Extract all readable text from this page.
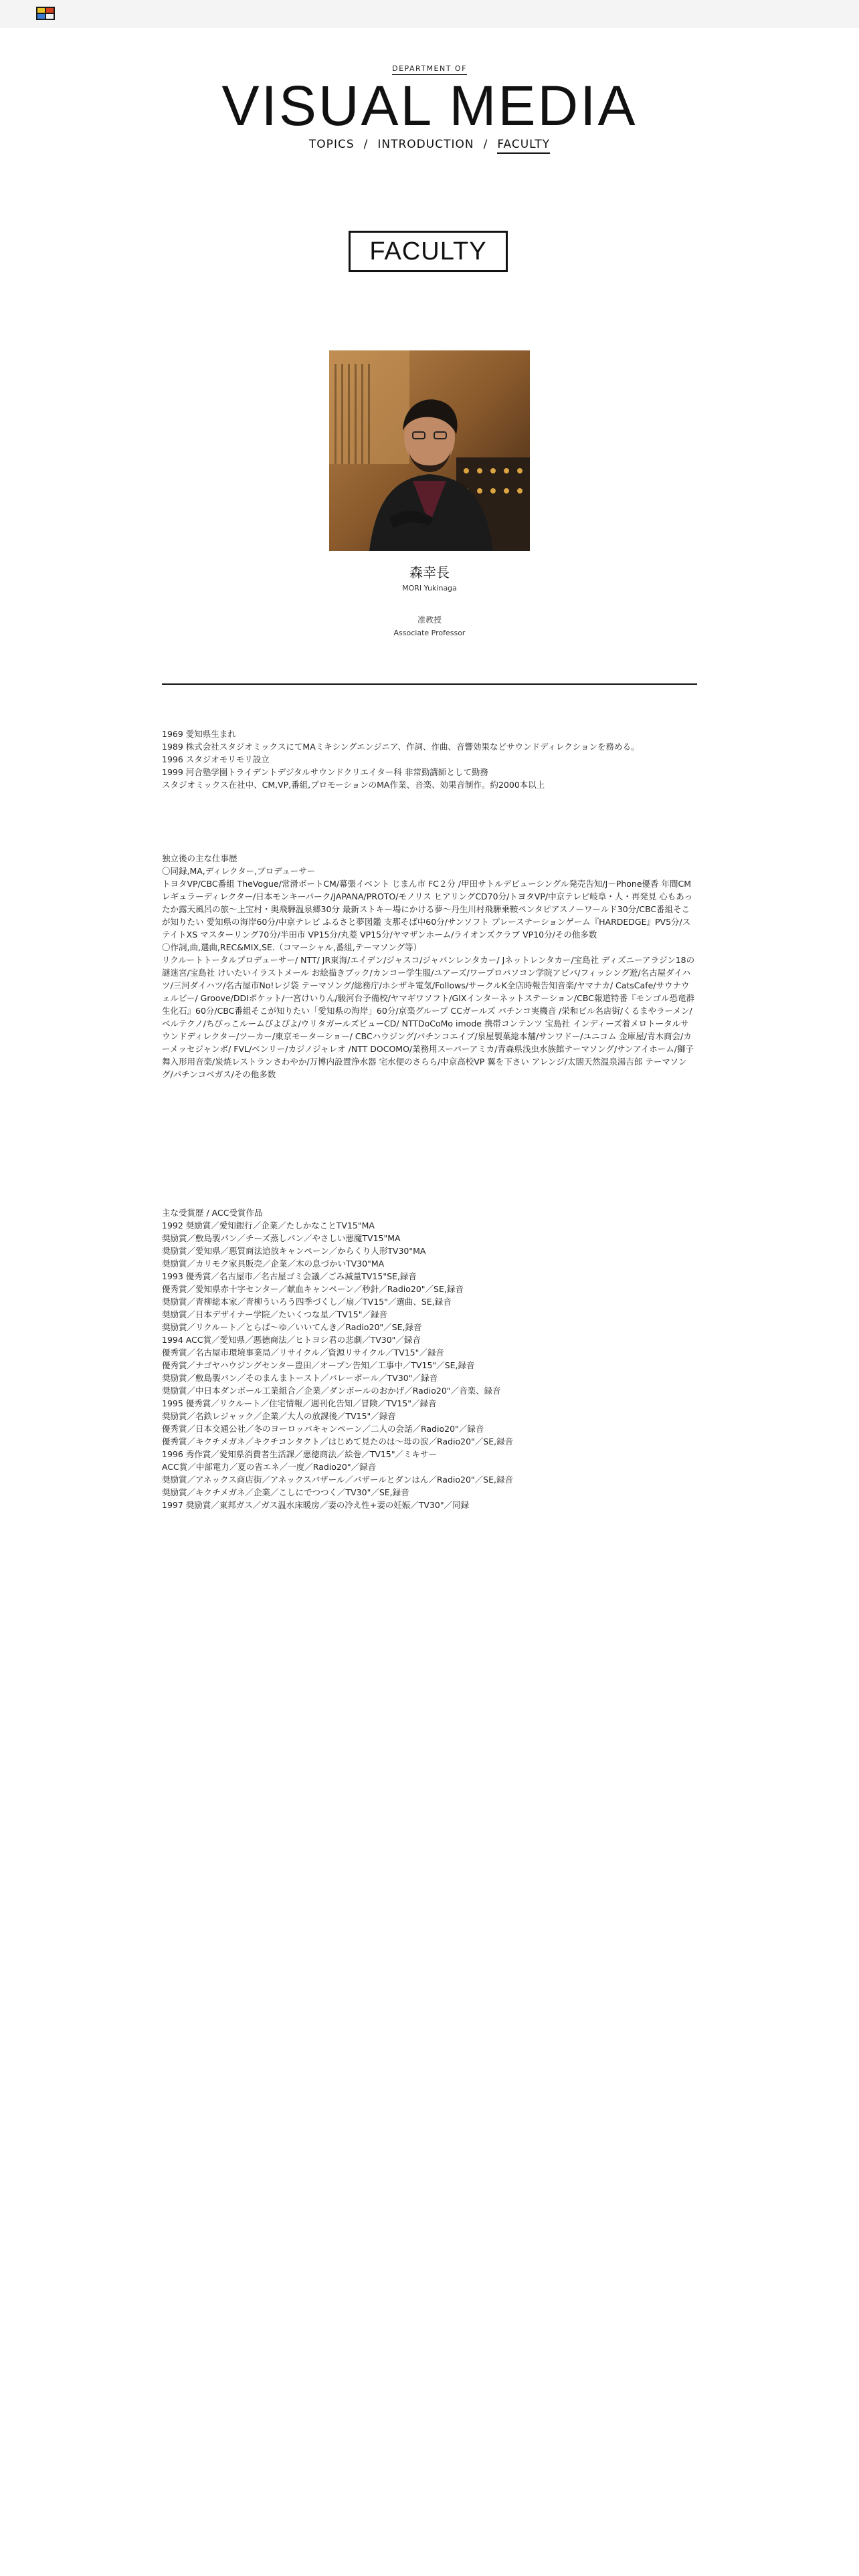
DEPARTMENT OF
VISUAL MEDIA
TOPICS / INTRODUCTION / FACULTY
FACULTY
森幸長
MORI Yukinaga
准教授
Associate Professor

1969 愛知県生まれ

1989 株式会社スタジオミックスにてMAミキシングエンジニア、作詞、作曲、音響効果などサウンドディレクションを務める。

1996 スタジオモリモリ設立

1999 河合塾学園トライデントデジタルサウンドクリエイター科 非常勤講師として勤務

スタジオミックス在社中、CM,VP,番組,プロモーションのMA作業、音楽、効果音制作。約2000本以上

独立後の主な仕事歴

〇同録,MA,ディレクター,プロデューサー

トヨタVP/CBC番組 TheVogue/常滑ボートCM/幕張イベント じまん市 FC２分 /甲田サトルデビューシングル発売告知/J－Phone優香 年間CMレギュラーディレクター/日本モンキーパーク/JAPANA/PROTO/モノリス ヒアリングCD70分/トヨタVP/中京テレビ岐阜・人・再発見 心もあったか露天風呂の旅～上宝村・奥飛騨温泉郷30分 最新ストキー場にかける夢～丹生川村飛騨乗鞍ペンタピアスノーワールド30分/CBC番組そこが知りたい 愛知県の海岸60分/中京テレビ ふるさと夢図鑑 支那そば中60分/サンソフト プレーステーションゲーム『HARDEDGE』PV5分/ステイトXS マスターリング70分/半田市 VP15分/丸菱 VP15分/ヤマザンホーム/ライオンズクラブ VP10分/その他多数

〇作詞,曲,選曲,REC&MIX,SE.（コマーシャル,番組,テーマソング等）

リクルートトータルプロデューサー/ NTT/ JR東海/エイデン/ジャスコ/ジャパンレンタカー/ Jネットレンタカー/宝島社 ディズニーアラジン18の謎迷宮/宝島社 けいたいイラストメール お絵描きブック/カンコー学生服/ユアーズ/ワープロパソコン学院アビバ/フィッシング遊/名古屋ダイハツ/三河ダイハツ/名古屋市No!レジ袋 テーマソング/総務庁/ホシザキ電気/Follows/サークルK全店時報告知音楽/ヤマナカ/ CatsCafe/サウナウェルビー/ Groove/DDIポケット/一宮けいりん/駿河台予備校/ヤマギワソフト/GIXインターネットステーション/CBC報道特番『モンゴル恐竜群生化石』60分/CBC番組そこが知りたい「愛知県の海岸」60分/京楽グループ CCガールズ パチンコ実機音 /栄和ビル名店街/くるまやラーメン/ベルテクノ/ちびっこルームぴよぴよ/ウリタガールズビューCD/ NTTDoCoMo imode 携帯コンテンツ 宝島社 インディーズ着メロトータルサウンドディレクター/ツーカー/東京モーターショー/ CBCハウジング/パチンコエイブ/泉屋製菓総本舗/サンワドー/ユニコム 金庫屋/青木商会/カーメッセジャンボ/ FVL/ベンリー/カジノジャレオ /NTT DOCOMO/業務用スーパーアミカ/青森県浅虫水族館テーマソング/サンアイホーム/獅子舞入形用音楽/炭焼レストランさわやか/万博内設置浄水器 宅水便のさらら/中京高校VP 翼を下さい アレンジ/太閤天然温泉湯吉郎 テーマソング/パチンコベガス/その他多数

主な受賞歴 / ACC受賞作品

1992 奨励賞／愛知銀行／企業／たしかなことTV15"MA

奨励賞／敷島製パン／チーズ蒸しパン／やさしい悪魔TV15"MA

奨励賞／愛知県／悪質商法追放キャンペーン／からくり人形TV30"MA

奨励賞／カリモク家具販売／企業／木の息づかいTV30"MA

1993 優秀賞／名古屋市／名古屋ゴミ会議／ごみ減量TV15"SE,録音

優秀賞／愛知県赤十字センター／献血キャンペーン／秒針／Radio20"／SE,録音

奨励賞／青柳総本家／青柳ういろう四季づくし／扇／TV15"／選曲、SE,録音

奨励賞／日本デザイナー学院／たいくつな星／TV15"／録音

奨励賞／リクルート／とらば～ゆ／いいてんき／Radio20"／SE,録音

1994 ACC賞／愛知県／悪徳商法／ヒトヨシ君の悲劇／TV30"／録音

優秀賞／名古屋市環境事業局／リサイクル／資源リサイクル／TV15"／録音

優秀賞／ナゴヤハウジングセンター豊田／オープン告知／工事中／TV15"／SE,録音

奨励賞／敷島製パン／そのまんまトースト／バレーボール／TV30"／録音

奨励賞／中日本ダンボール工業組合／企業／ダンボールのおかげ／Radio20"／音楽、録音

1995 優秀賞／リクルート／住宅情報／週刊化告知／冒険／TV15"／録音

奨励賞／名鉄レジャック／企業／大人の放課後／TV15"／録音

優秀賞／日本交通公社／冬のヨーロッパキャンペーン／二人の会話／Radio20"／録音

優秀賞／キクチメガネ／キクチコンタクト／はじめて見たのは～母の涙／Radio20"／SE,録音

1996 秀作賞／愛知県消費者生活課／悪徳商法／絵巻／TV15"／ミキサー

ACC賞／中部電力／夏の省エネ／一度／Radio20"／録音

奨励賞／アネックス商店街／アネックスバザール／バザールとダンはん／Radio20"／SE,録音

奨励賞／キクチメガネ／企業／こしにでつつく／TV30"／SE,録音

1997 奨励賞／東邦ガス／ガス温水床暖房／妻の冷え性+妻の妊娠／TV30"／同録
